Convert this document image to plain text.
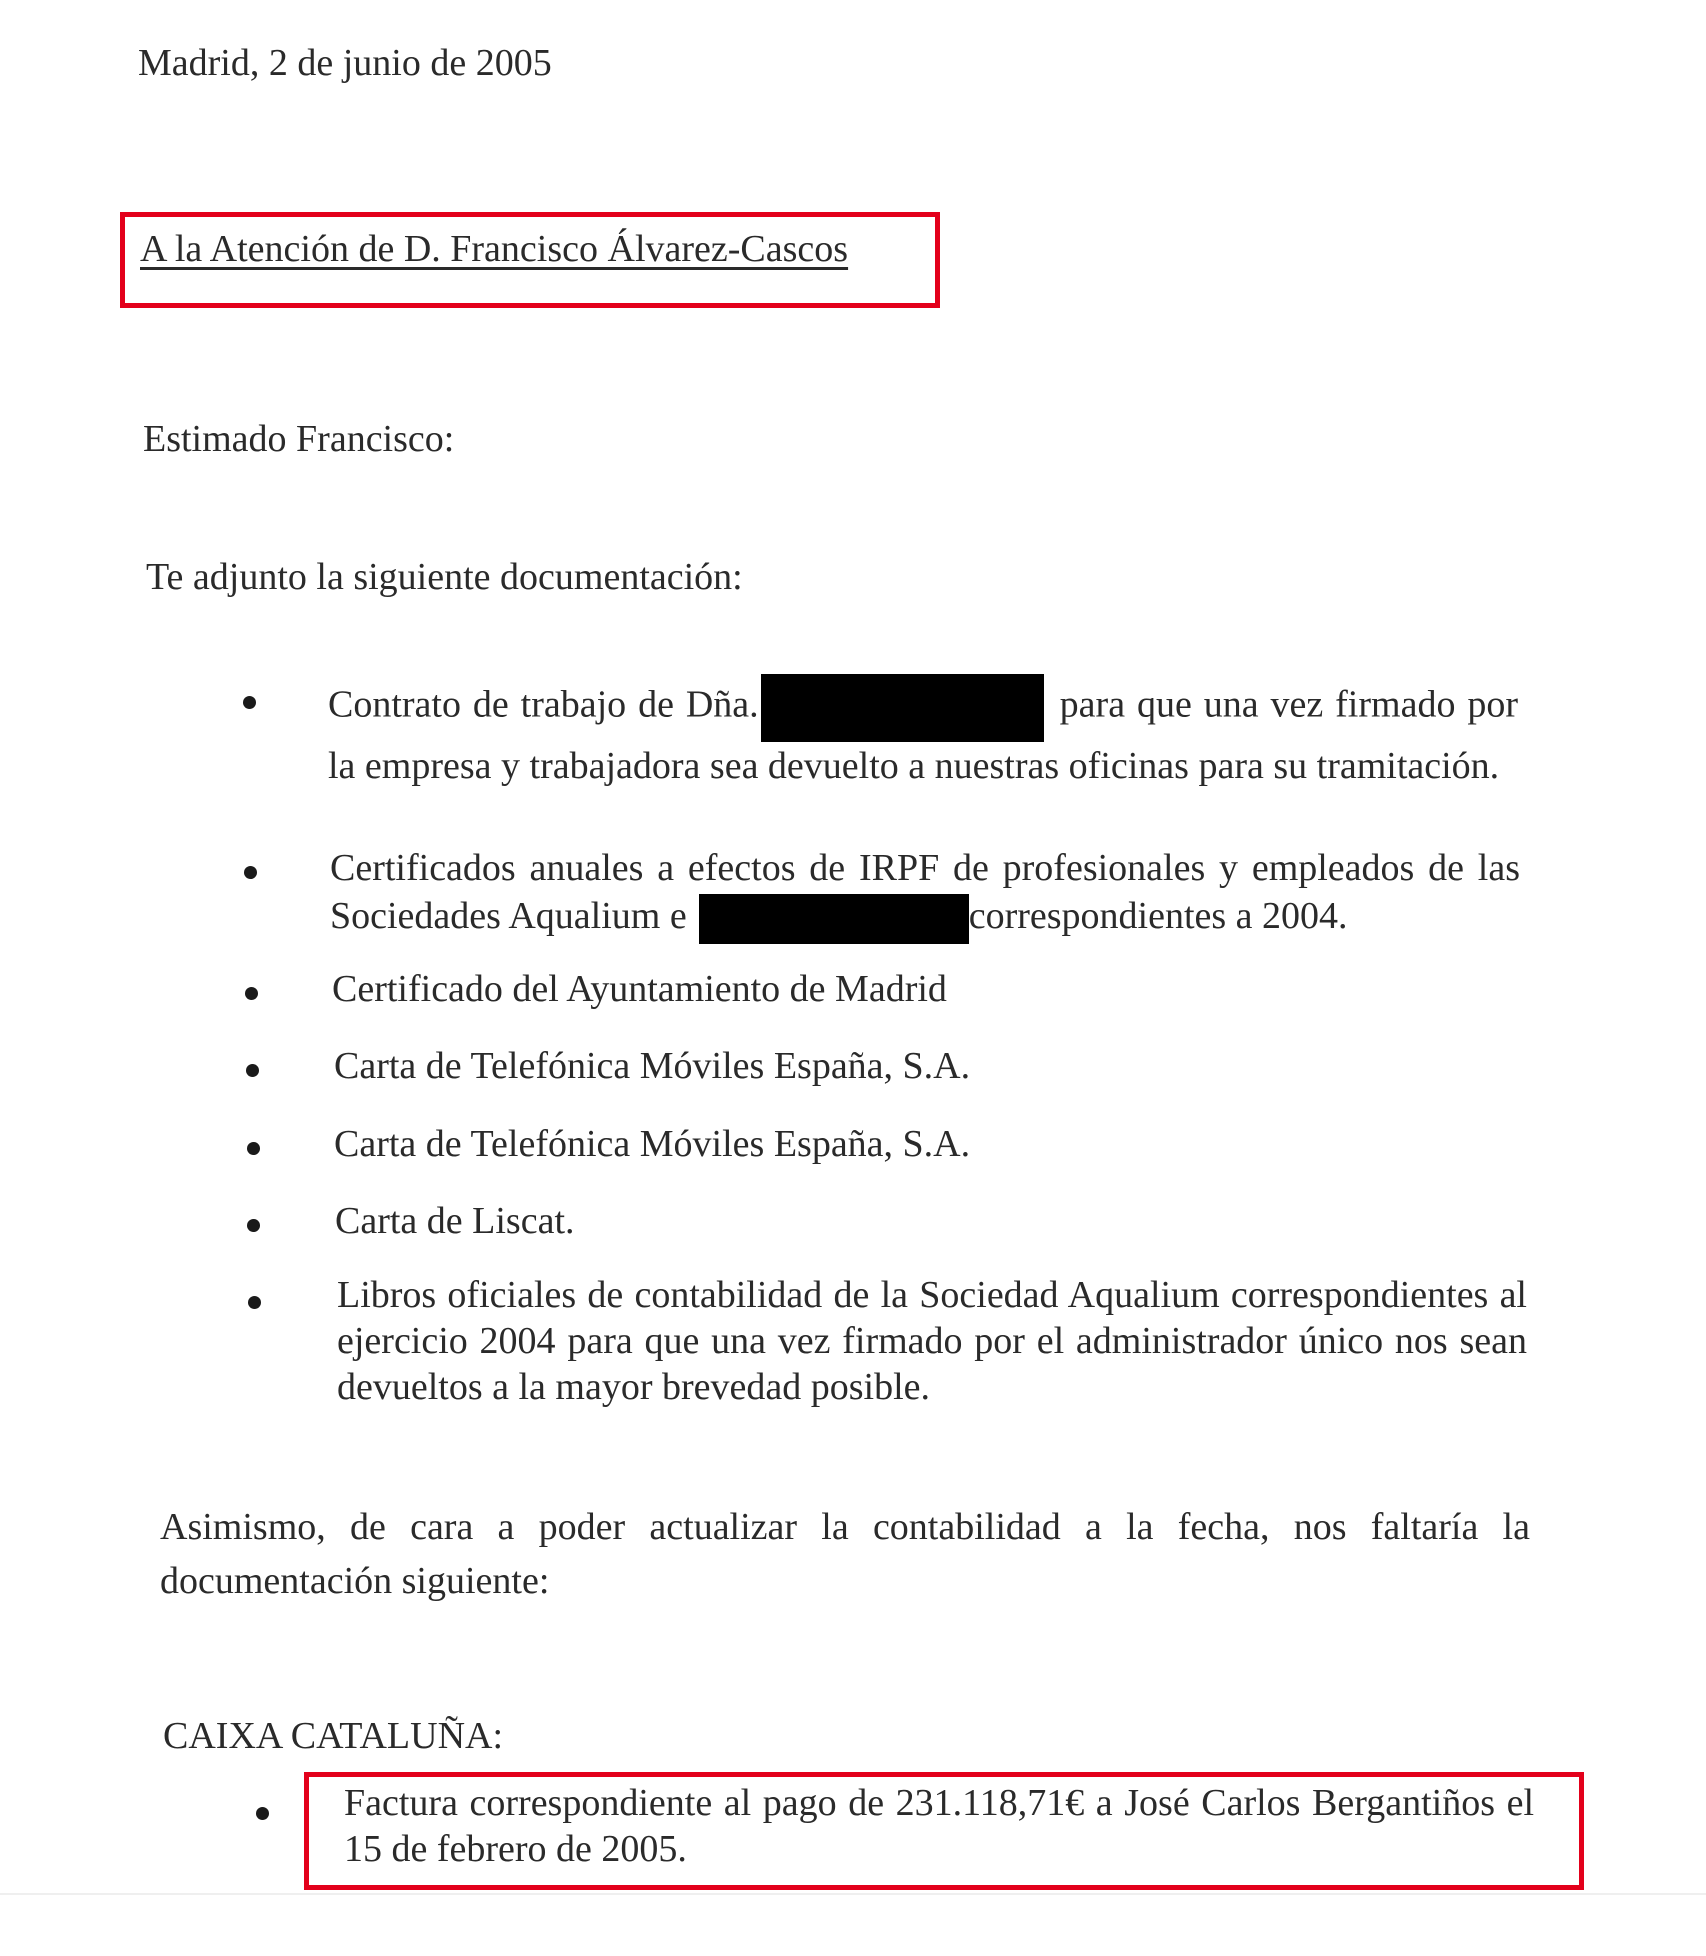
Madrid, 2 de junio de 2005
A la Atención de D. Francisco Álvarez-Cascos
Estimado Francisco:
Te adjunto la siguiente documentación:
Contrato de trabajo de Dña.	para que una vez firmado por la empresa y trabajadora sea devuelto a nuestras oficinas para su tramitación.
Certificados anuales a efectos de IRPF de profesionales y empleados de las Sociedades Aqualium e	correspondientes a 2004.
Certificado del Ayuntamiento de Madrid
Carta de Telefónica Móviles España, S.A.
Carta de Telefónica Móviles España, S.A.
Carta de Liscat.
Libros oficiales de contabilidad de la Sociedad Aqualium correspondientes al ejercicio 2004 para que una vez firmado por el administrador único nos sean devueltos a la mayor brevedad posible.
Asimismo, de cara a poder actualizar la contabilidad a la fecha, nos faltaría la documentación siguiente:
CAIXA CATALUÑA:
Factura correspondiente al pago de 231.118,71€ a José Carlos Bergantiños el 15 de febrero de 2005.
